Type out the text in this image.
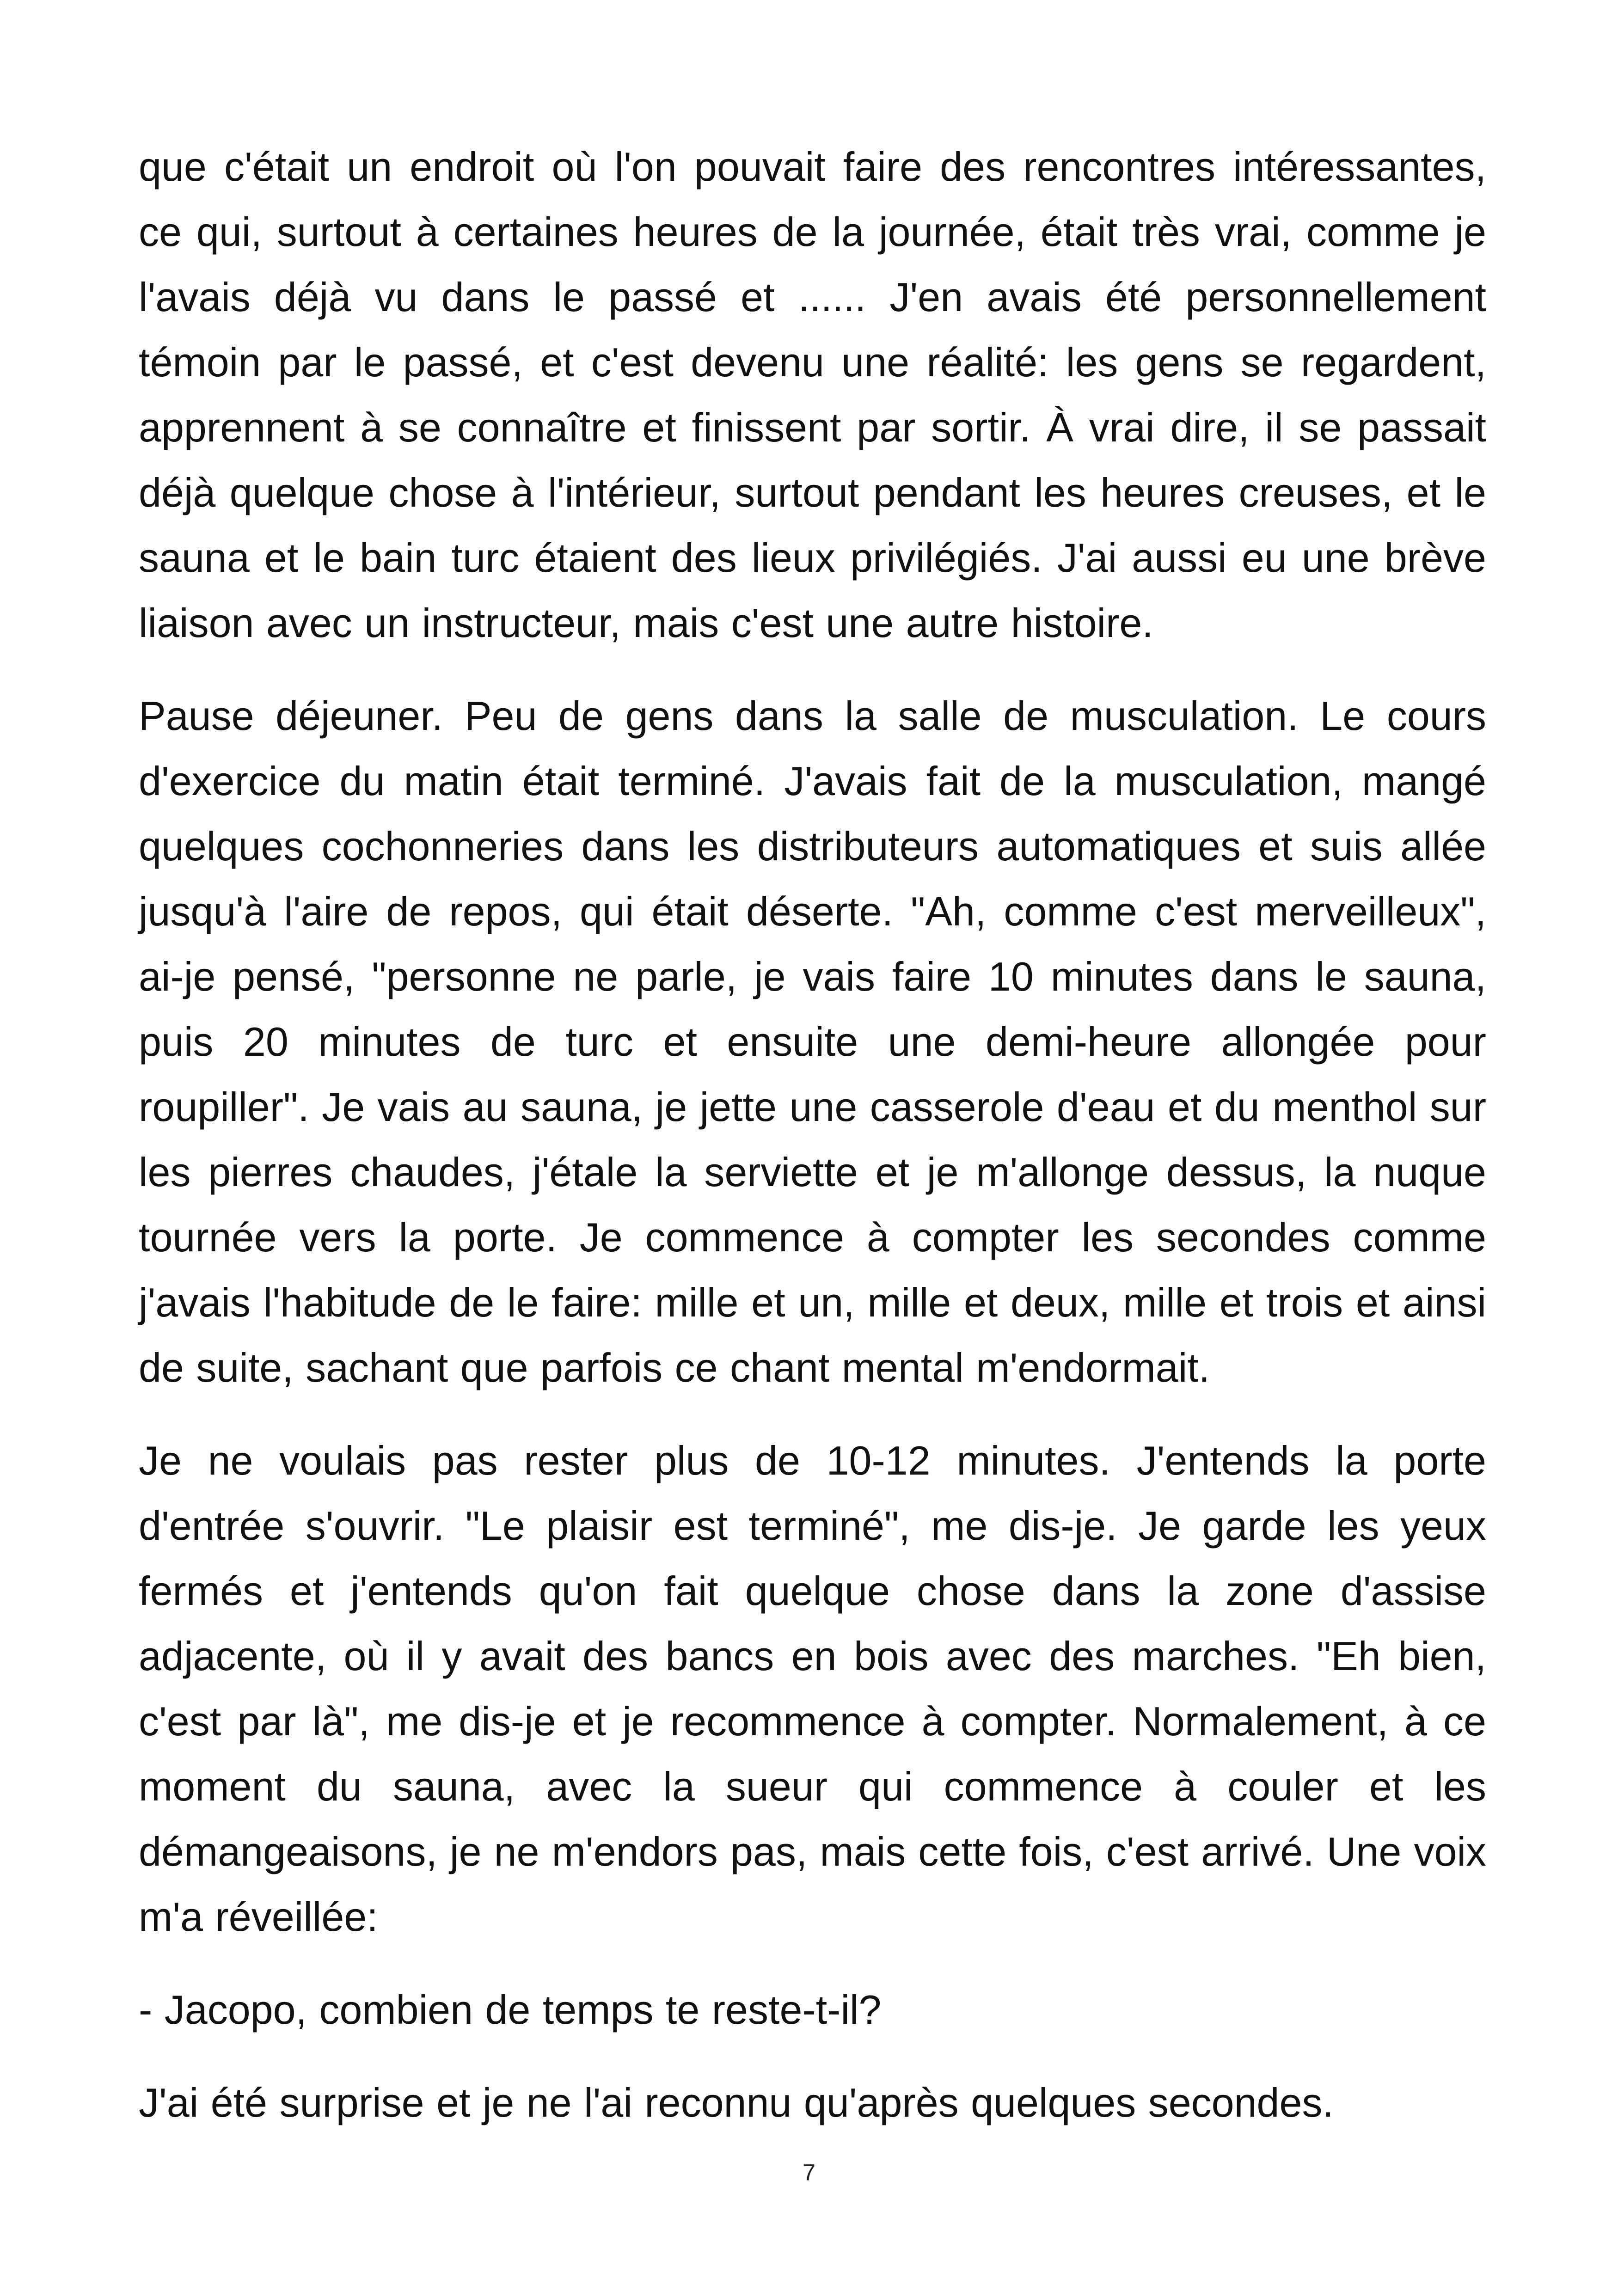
que c'était un endroit où l'on pouvait faire des rencontres intéressantes, ce qui, surtout à certaines heures de la journée, était très vrai, comme je l'avais déjà vu dans le passé et ...... J'en avais été personnellement témoin par le passé, et c'est devenu une réalité: les gens se regardent, apprennent à se connaître et finissent par sortir. À vrai dire, il se passait déjà quelque chose à l'intérieur, surtout pendant les heures creuses, et le sauna et le bain turc étaient des lieux privilégiés. J'ai aussi eu une brève liaison avec un instructeur, mais c'est une autre histoire.

Pause déjeuner. Peu de gens dans la salle de musculation. Le cours d'exercice du matin était terminé. J'avais fait de la musculation, mangé quelques cochonneries dans les distributeurs automatiques et suis allée jusqu'à l'aire de repos, qui était déserte. "Ah, comme c'est merveilleux", ai-je pensé, "personne ne parle, je vais faire 10 minutes dans le sauna, puis 20 minutes de turc et ensuite une demi-heure allongée pour roupiller". Je vais au sauna, je jette une casserole d'eau et du menthol sur les pierres chaudes, j'étale la serviette et je m'allonge dessus, la nuque tournée vers la porte. Je commence à compter les secondes comme j'avais l'habitude de le faire: mille et un, mille et deux, mille et trois et ainsi de suite, sachant que parfois ce chant mental m'endormait.

Je ne voulais pas rester plus de 10-12 minutes. J'entends la porte d'entrée s'ouvrir. "Le plaisir est terminé", me dis-je. Je garde les yeux fermés et j'entends qu'on fait quelque chose dans la zone d'assise adjacente, où il y avait des bancs en bois avec des marches. "Eh bien, c'est par là", me dis-je et je recommence à compter. Normalement, à ce moment du sauna, avec la sueur qui commence à couler et les démangeaisons, je ne m'endors pas, mais cette fois, c'est arrivé. Une voix m'a réveillée:

- Jacopo, combien de temps te reste-t-il?

J'ai été surprise et je ne l'ai reconnu qu'après quelques secondes.

7
